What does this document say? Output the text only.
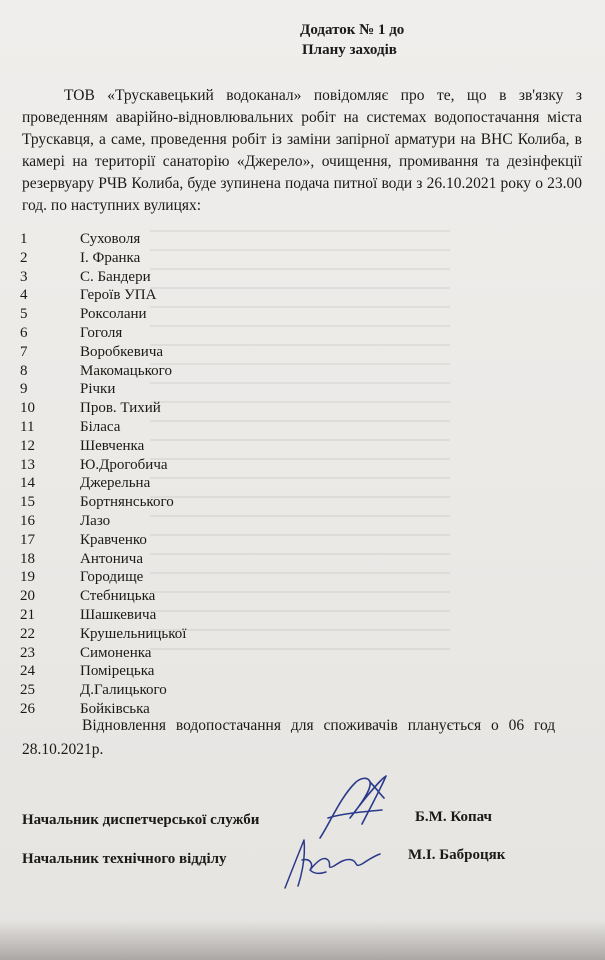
Додаток № 1 до
Плану заходів
ТОВ «Трускавецький водоканал» повідомляє про те, що в зв'язку з проведенням аварійно-відновлювальних робіт на системах водопостачання міста Трускавця, а саме, проведення робіт із заміни запірної арматури на ВНС Колиба, в камері на території санаторію «Джерело», очищення, промивання та дезінфекції резервуару РЧВ Колиба, буде зупинена подача питної води з 26.10.2021 року о 23.00 год. по наступних вулицях:
1	Суховоля
2	І. Франка
3	С. Бандери
4	Героїв УПА
5	Роксолани
6	Гоголя
7	Воробкевича
8	Макомацького
9	Річки
10	Пров. Тихий
11	Біласа
12	Шевченка
13	Ю.Дрогобича
14	Джерельна
15	Бортнянського
16	Лазо
17	Кравченко
18	Антонича
19	Городище
20	Стебницька
21	Шашкевича
22	Крушельницької
23	Симоненка
24	Помірецька
25	Д.Галицького
26	Бойківська
Відновлення водопостачання для споживачів планується о 06 год
28.10.2021р.
Начальник диспетчерської служби	Б.М. Копач
Начальник технічного відділу	М.І. Баброцяк
